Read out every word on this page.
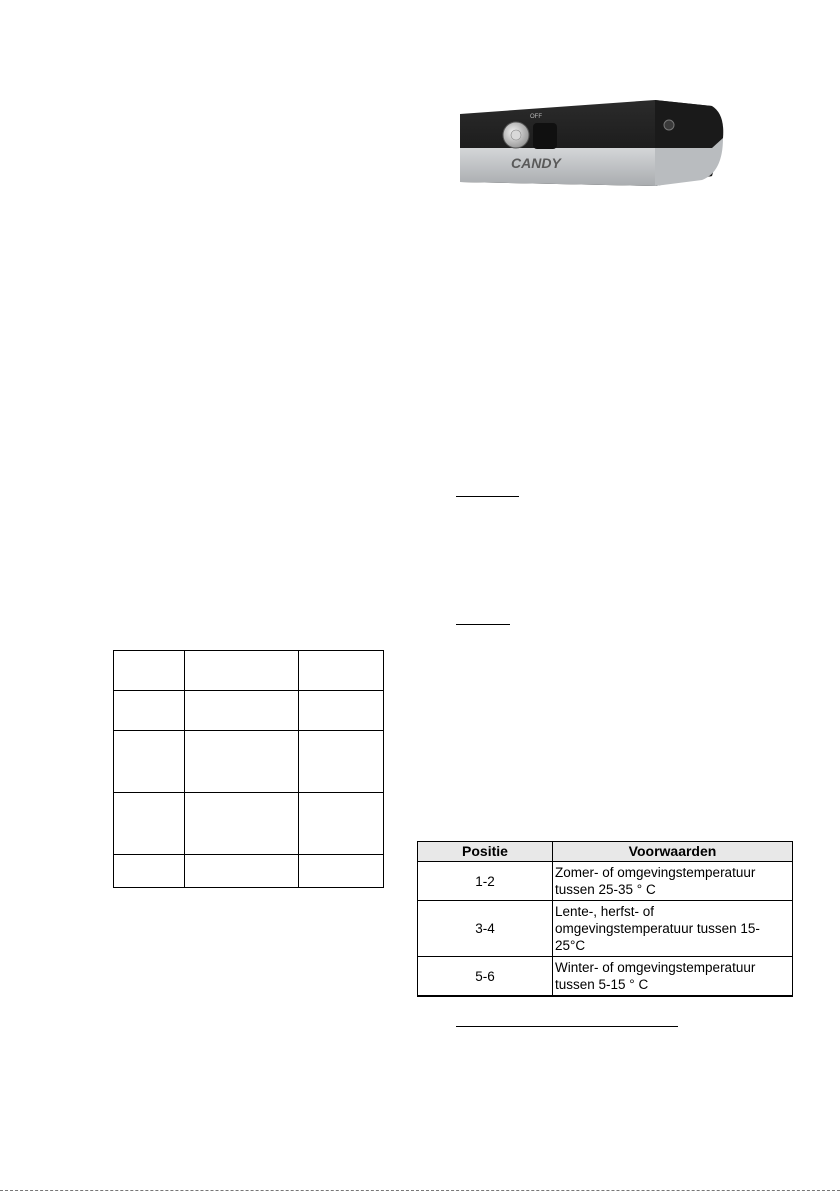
OFF
CANDY

Positie	Voorwaarden
1-2	Zomer- of omgevingstemperatuur
tussen 25-35 ° C
3-4	Lente-, herfst- of
omgevingstemperatuur tussen 15-25°C
5-6	Winter- of omgevingstemperatuur
tussen 5-15 ° C
